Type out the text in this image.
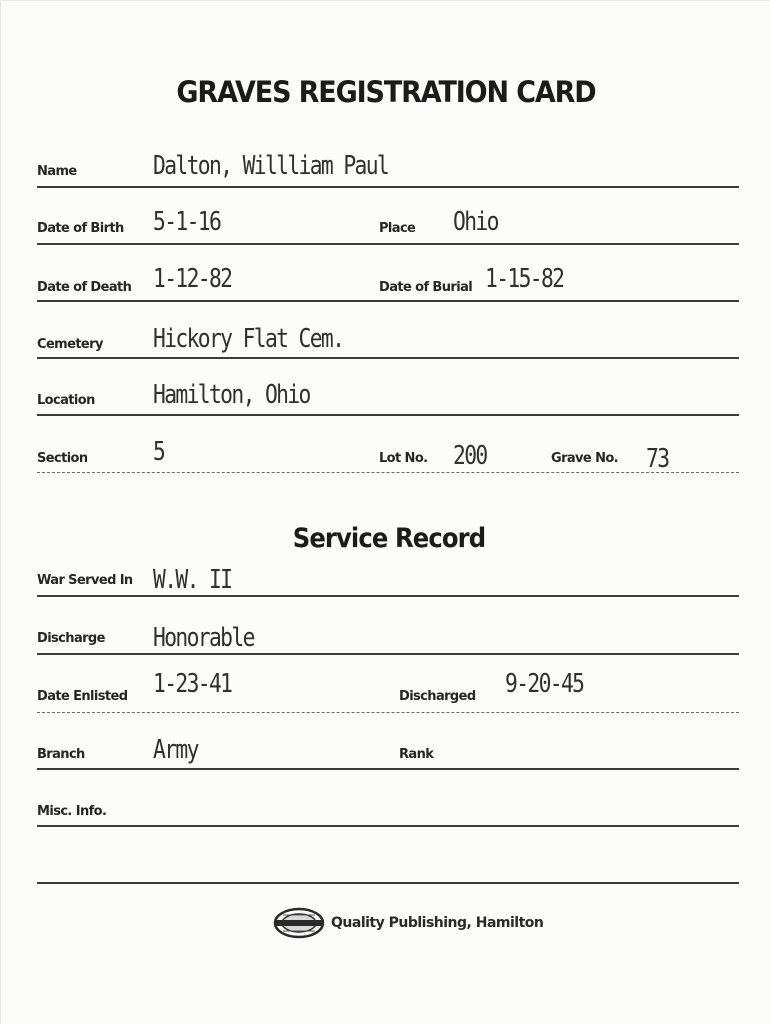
GRAVES REGISTRATION CARD
Name	Dalton, Willliam Paul
Date of Birth 5-1-16	Place Ohio
Date of Death 1-12-82	Date of Burial 1-15-82
Cemetery Hickory Flat Cem.
Location Hamilton, Ohio
Section	5	Lot No. 200	Grave No. 73
Service Record
War Served In W.W. II
Discharge Honorable
Date Enlisted 1-23-41	Discharged 9-20-45
Branch	Army	Rank
Misc. Info.
Quality Publishing, Hamilton
